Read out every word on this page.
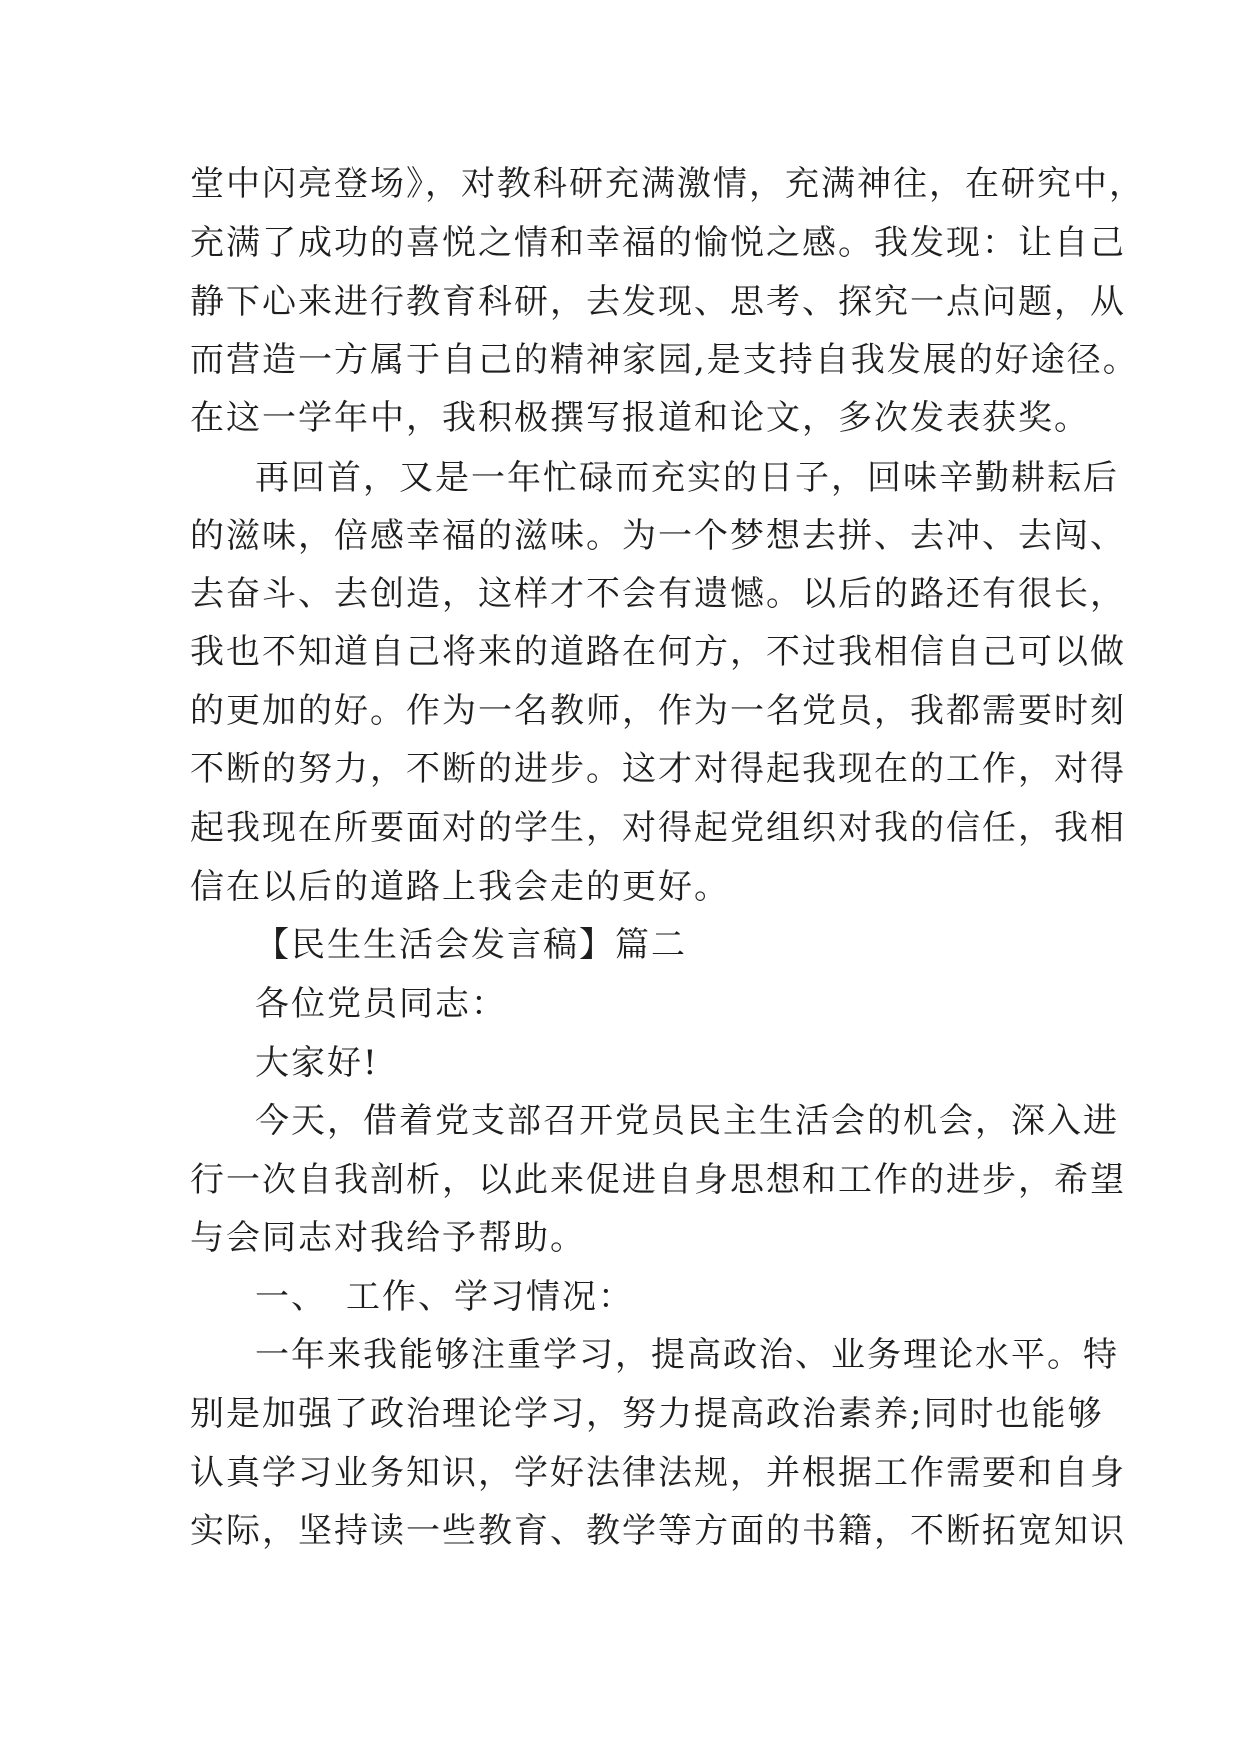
堂中闪亮登场》，对教科研充满激情，充满神往，在研究中，
充满了成功的喜悦之情和幸福的愉悦之感。我发现：让自己
静下心来进行教育科研，去发现、思考、探究一点问题，从
而营造一方属于自己的精神家园,是支持自我发展的好途径。
在这一学年中，我积极撰写报道和论文，多次发表获奖。
再回首，又是一年忙碌而充实的日子，回味辛勤耕耘后
的滋味，倍感幸福的滋味。为一个梦想去拼、去冲、去闯、
去奋斗、去创造，这样才不会有遗憾。以后的路还有很长，
我也不知道自己将来的道路在何方，不过我相信自己可以做
的更加的好。作为一名教师，作为一名党员，我都需要时刻
不断的努力，不断的进步。这才对得起我现在的工作，对得
起我现在所要面对的学生，对得起党组织对我的信任，我相
信在以后的道路上我会走的更好。
【民生生活会发言稿】篇二
各位党员同志：
大家好!
今天，借着党支部召开党员民主生活会的机会，深入进
行一次自我剖析，以此来促进自身思想和工作的进步，希望
与会同志对我给予帮助。
一、　工作、学习情况：
一年来我能够注重学习，提高政治、业务理论水平。特
别是加强了政治理论学习，努力提高政治素养;同时也能够
认真学习业务知识，学好法律法规，并根据工作需要和自身
实际，坚持读一些教育、教学等方面的书籍，不断拓宽知识
